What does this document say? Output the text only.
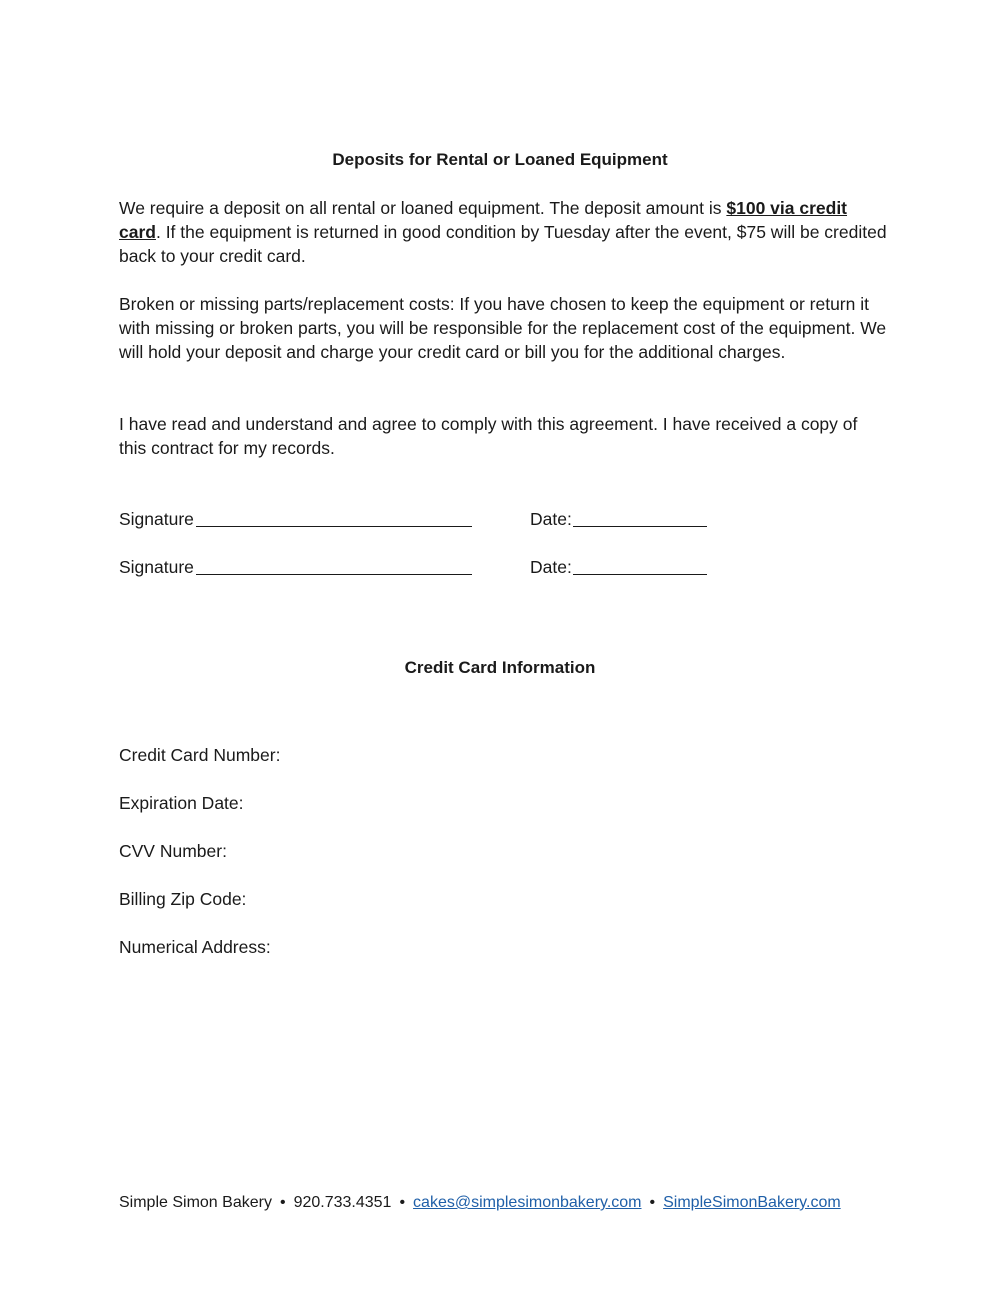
Deposits for Rental or Loaned Equipment

We require a deposit on all rental or loaned equipment. The deposit amount is $100 via credit card. If the equipment is returned in good condition by Tuesday after the event, $75 will be credited back to your credit card.

Broken or missing parts/replacement costs: If you have chosen to keep the equipment or return it with missing or broken parts, you will be responsible for the replacement cost of the equipment. We will hold your deposit and charge your credit card or bill you for the additional charges.

I have read and understand and agree to comply with this agreement. I have received a copy of this contract for my records.

Signature	Date:
Signature	Date:
Credit Card Information
Credit Card Number:
Expiration Date:
CVV Number:
Billing Zip Code:
Numerical Address:
Simple Simon Bakery • 920.733.4351 • cakes@simplesimonbakery.com • SimpleSimonBakery.com
